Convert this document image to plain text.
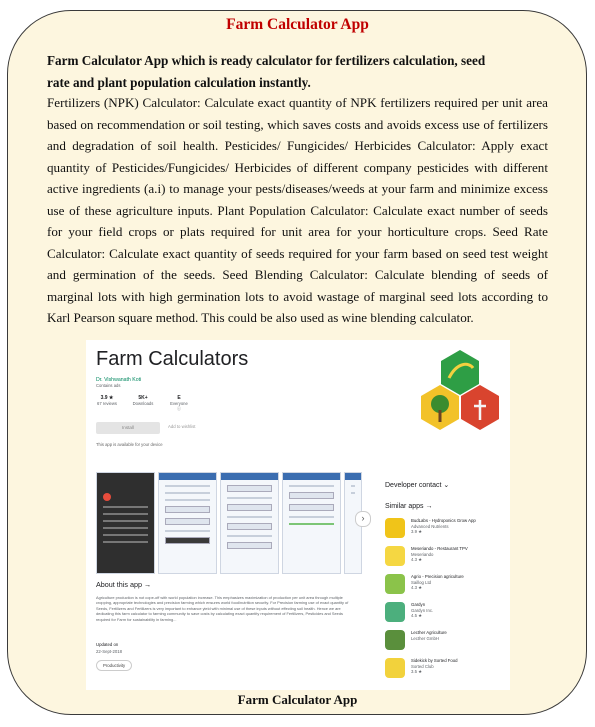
Farm Calculator App
Farm Calculator App which is ready calculator for fertilizers calculation, seed rate and plant population calculation instantly.
Fertilizers (NPK) Calculator: Calculate exact quantity of NPK fertilizers required per unit area based on recommendation or soil testing, which saves costs and avoids excess use of fertilizers and degradation of soil health. Pesticides/ Fungicides/ Herbicides Calculator: Apply exact quantity of Pesticides/Fungicides/ Herbicides of different company pesticides with different active ingredients (a.i) to manage your pests/diseases/weeds at your farm and minimize excess use of these agriculture inputs. Plant Population Calculator: Calculate exact number of seeds for your field crops or plats required for unit area for your horticulture crops. Seed Rate Calculator: Calculate exact quantity of seeds required for your farm based on seed test weight and germination of the seeds. Seed Blending Calculator: Calculate blending of seeds of marginal lots with high germination lots to avoid wastage of marginal seed lots according to Karl Pearson square method. This could be also used as wine blending calculator.
Farm Calculators
Dr. Vishwanath Koti
Contains ads
3.9 ★
67 reviews
5K+
Downloads
E
Everyone ⓘ
Install	Add to wishlist
This app is available for your device
›
About this app →
Agriculture production is not cope-off with world population increase. This emphasizes maximization of production per unit area through multiple cropping, appropriate technologies and precision farming which ensures world food/nutrition security. For Precision farming use of exact quantity of Seeds, Fertilizers and Fertilizers is very important to enhance yield with minimal use of these inputs without effecting soil health. Hence we are dedicating this farm calculator to farming community to save costs by calculating exact quantity requirement of Fertilizers, Pesticides and Seeds required for Farm for sustainability in farming...
Updated on
22-Sept-2018
Productivity
Developer contact ⌄
Similar apps →
BudLabs - Hydroponics Grow App
Advanced Nutrients
3.9 ★
Meseriando - Restaurant TPV
Meseriando
4.3 ★
Agrio - Precision agriculture
Saillog Ltd
4.3 ★
Gardyn
Gardyn Inc.
4.5 ★
Lecther Agriculture
Lecther GmbH
Sidekick by Sorted Food
Sorted Club
3.5 ★
Farm Calculator App
